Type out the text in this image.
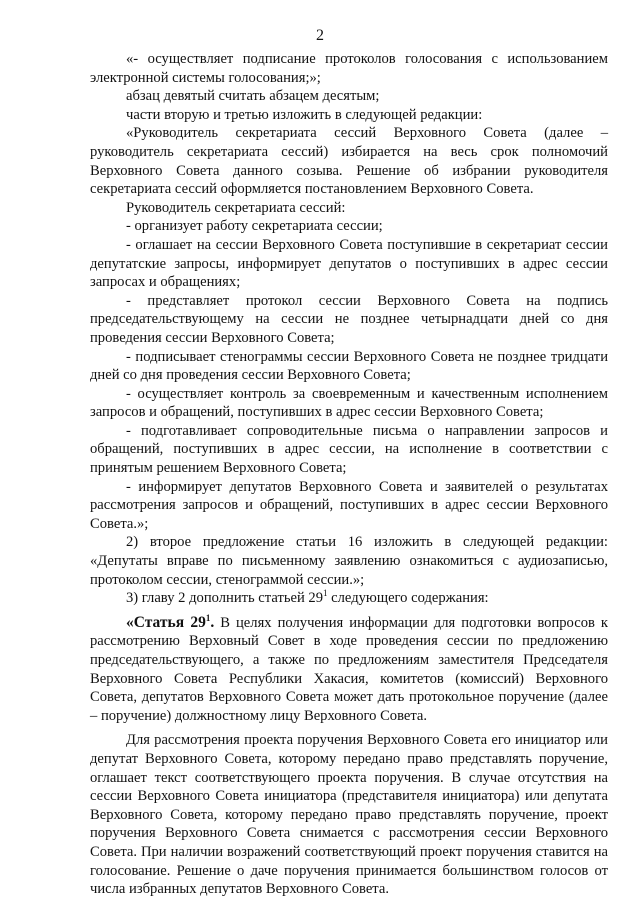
2

«- осуществляет подписание протоколов голосования с использованием электронной системы голосования;»;

абзац девятый считать абзацем десятым;

части вторую и третью изложить в следующей редакции:

«Руководитель секретариата сессий Верховного Совета (далее – руководитель секретариата сессий) избирается на весь срок полномочий Верховного Совета данного созыва. Решение об избрании руководителя секретариата сессий оформляется постановлением Верховного Совета.

Руководитель секретариата сессий:

- организует работу секретариата сессии;

- оглашает на сессии Верховного Совета поступившие в секретариат сессии депутатские запросы, информирует депутатов о поступивших в адрес сессии запросах и обращениях;

- представляет протокол сессии Верховного Совета на подпись председательствующему на сессии не позднее четырнадцати дней со дня проведения сессии Верховного Совета;

- подписывает стенограммы сессии Верховного Совета не позднее тридцати дней со дня проведения сессии Верховного Совета;

- осуществляет контроль за своевременным и качественным исполнением запросов и обращений, поступивших в адрес сессии Верховного Совета;

- подготавливает сопроводительные письма о направлении запросов и обращений, поступивших в адрес сессии, на исполнение в соответствии с принятым решением Верховного Совета;

- информирует депутатов Верховного Совета и заявителей о результатах рассмотрения запросов и обращений, поступивших в адрес сессии Верховного Совета.»;

2) второе предложение статьи 16 изложить в следующей редакции: «Депутаты вправе по письменному заявлению ознакомиться с аудиозаписью, протоколом сессии, стенограммой сессии.»;

3) главу 2 дополнить статьей $29^1$ следующего содержания:

«Статья $29^1$. В целях получения информации для подготовки вопросов к рассмотрению Верховный Совет в ходе проведения сессии по предложению председательствующего, а также по предложениям заместителя Председателя Верховного Совета Республики Хакасия, комитетов (комиссий) Верховного Совета, депутатов Верховного Совета может дать протокольное поручение (далее – поручение) должностному лицу Верховного Совета.

Для рассмотрения проекта поручения Верховного Совета его инициатор или депутат Верховного Совета, которому передано право представлять поручение, оглашает текст соответствующего проекта поручения. В случае отсутствия на сессии Верховного Совета инициатора (представителя инициатора) или депутата Верховного Совета, которому передано право представлять поручение, проект поручения Верховного Совета снимается с рассмотрения сессии Верховного Совета. При наличии возражений соответствующий проект поручения ставится на голосование. Решение о даче поручения принимается большинством голосов от числа избранных депутатов Верховного Совета.
